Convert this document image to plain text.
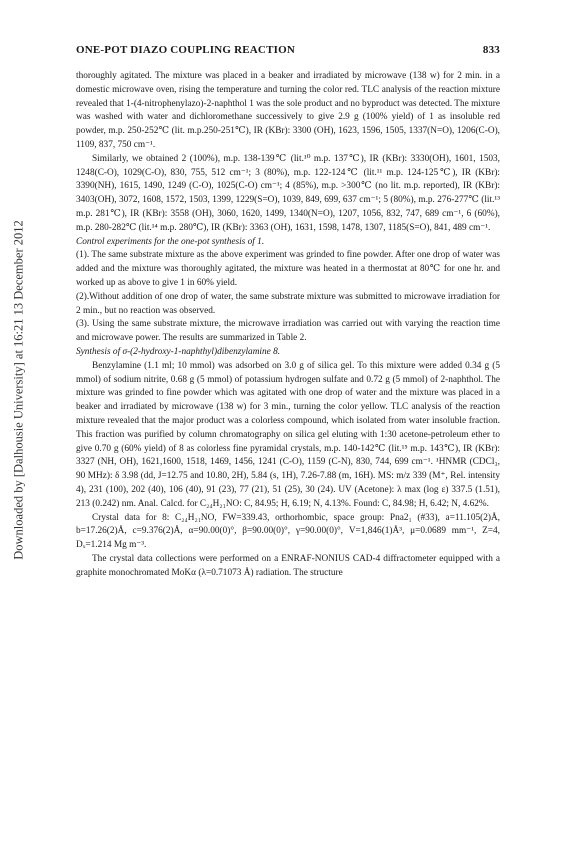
Downloaded by [Dalhousie University] at 16:21 13 December 2012
ONE-POT DIAZO COUPLING REACTION	833

thoroughly agitated. The mixture was placed in a beaker and irradiated by microwave (138 w) for 2 min. in a domestic microwave oven, rising the temperature and turning the color red. TLC analysis of the reaction mixture revealed that 1-(4-nitrophenylazo)-2-naphthol 1 was the sole product and no byproduct was detected. The mixture was washed with water and dichloromethane successively to give 2.9 g (100% yield) of 1 as insoluble red powder, m.p. 250-252℃ (lit. m.p.250-251℃), IR (KBr): 3300 (OH), 1623, 1596, 1505, 1337(N=O), 1206(C-O), 1109, 837, 750 cm⁻¹.

Similarly, we obtained 2 (100%), m.p. 138-139℃ (lit.¹⁰ m.p. 137℃), IR (KBr): 3330(OH), 1601, 1503, 1248(C-O), 1029(C-O), 830, 755, 512 cm⁻¹; 3 (80%), m.p. 122-124℃ (lit.¹¹ m.p. 124-125℃), IR (KBr): 3390(NH), 1615, 1490, 1249 (C-O), 1025(C-O) cm⁻¹; 4 (85%), m.p. >300℃ (no lit. m.p. reported), IR (KBr): 3403(OH), 3072, 1608, 1572, 1503, 1399, 1229(S=O), 1039, 849, 699, 637 cm⁻¹; 5 (80%), m.p. 276-277℃ (lit.¹³ m.p. 281℃), IR (KBr): 3558 (OH), 3060, 1620, 1499, 1340(N=O), 1207, 1056, 832, 747, 689 cm⁻¹, 6 (60%), m.p. 280-282℃ (lit.¹⁴ m.p. 280℃), IR (KBr): 3363 (OH), 1631, 1598, 1478, 1307, 1185(S=O), 841, 489 cm⁻¹.

Control experiments for the one-pot synthesis of 1.

(1). The same substrate mixture as the above experiment was grinded to fine powder. After one drop of water was added and the mixture was thoroughly agitated, the mixture was heated in a thermostat at 80℃ for one hr. and worked up as above to give 1 in 60% yield.

(2).Without addition of one drop of water, the same substrate mixture was submitted to microwave irradiation for 2 min., but no reaction was observed.

(3). Using the same substrate mixture, the microwave irradiation was carried out with varying the reaction time and microwave power. The results are summarized in Table 2.

Synthesis of σ-(2-hydroxy-1-naphthyl)dibenzylamine 8.

Benzylamine (1.1 ml; 10 mmol) was adsorbed on 3.0 g of silica gel. To this mixture were added 0.34 g (5 mmol) of sodium nitrite, 0.68 g (5 mmol) of potassium hydrogen sulfate and 0.72 g (5 mmol) of 2-naphthol. The mixture was grinded to fine powder which was agitated with one drop of water and the mixture was placed in a beaker and irradiated by microwave (138 w) for 3 min., turning the color yellow. TLC analysis of the reaction mixture revealed that the major product was a colorless compound, which isolated from water insoluble fraction. This fraction was purified by column chromatography on silica gel eluting with 1:30 acetone-petroleum ether to give 0.70 g (60% yield) of 8 as colorless fine pyramidal crystals, m.p. 140-142℃ (lit.¹⁵ m.p. 143℃), IR (KBr): 3327 (NH, OH), 1621,1600, 1518, 1469, 1456, 1241 (C-O), 1159 (C-N), 830, 744, 699 cm⁻¹. ¹HNMR (CDCl₃, 90 MHz): δ 3.98 (dd, J=12.75 and 10.80, 2H), 5.84 (s, 1H), 7.26-7.88 (m, 16H). MS: m/z 339 (M⁺, Rel. intensity 4), 231 (100), 202 (40), 106 (40), 91 (23), 77 (21), 51 (25), 30 (24). UV (Acetone): λ max (log ε) 337.5 (1.51), 213 (0.242) nm. Anal. Calcd. for C₂₄H₂₁NO: C, 84.95; H, 6.19; N, 4.13%. Found: C, 84.98; H, 6.42; N, 4.62%.

Crystal data for 8: C₂₄H₂₁NO, FW=339.43, orthorhombic, space group: Pna2₁ (#33), a=11.105(2)Å, b=17.26(2)Å, c=9.376(2)Å, α=90.00(0)°, β=90.00(0)°, γ=90.00(0)°, V=1,846(1)Å³, μ=0.0689 mm⁻¹, Z=4, Dₓ=1.214 Mg m⁻³.

The crystal data collections were performed on a ENRAF-NONIUS CAD-4 diffractometer equipped with a graphite monochromated MoKα (λ=0.71073 Å) radiation. The structure
